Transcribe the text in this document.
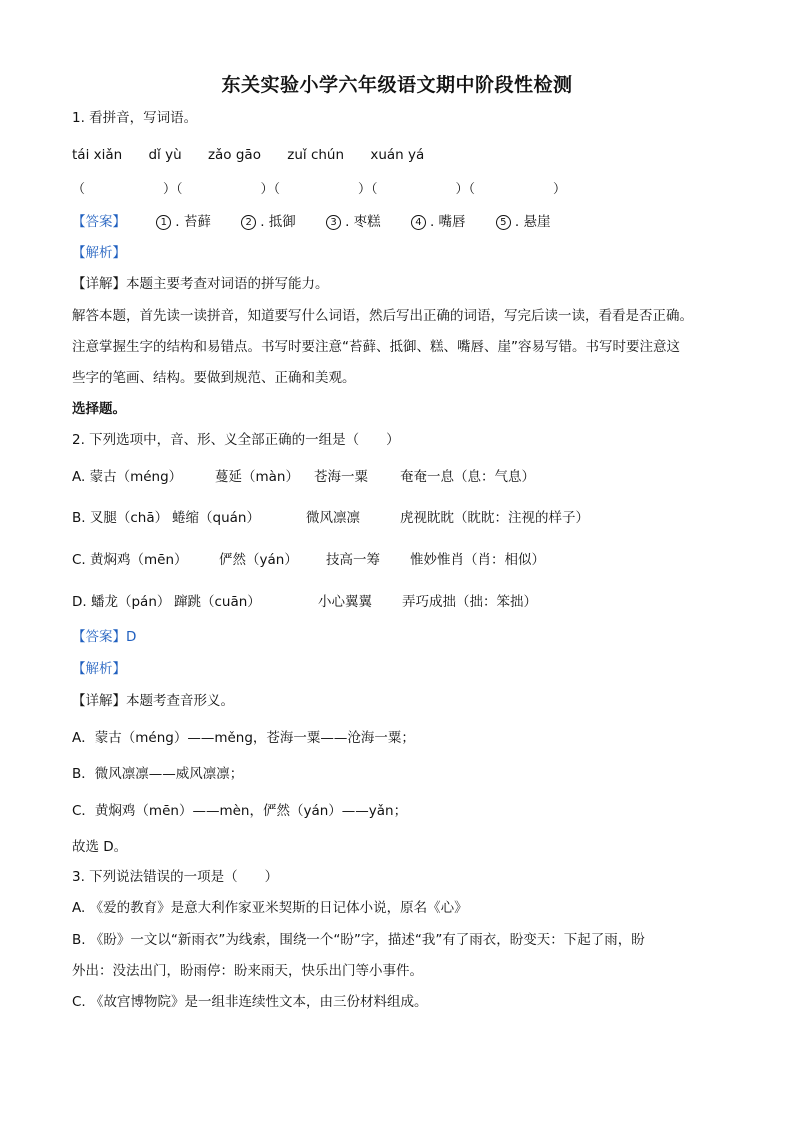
东关实验小学六年级语文期中阶段性检测
1. 看拼音，写词语。
tái xiǎn dǐ yù zǎo gāo zuǐ chún xuán yá
（　　　　　　）（　　　　　　）（　　　　　　）（　　　　　　）（　　　　　　）
【答案】	1 . 苔藓	2 . 抵御	3 . 枣糕	4 . 嘴唇	5 . 悬崖
【解析】
【详解】本题主要考查对词语的拼写能力。
解答本题，首先读一读拼音，知道要写什么词语，然后写出正确的词语，写完后读一读，看看是否正确。
注意掌握生字的结构和易错点。书写时要注意“苔藓、抵御、糕、嘴唇、崖”容易写错。书写时要注意这
些字的笔画、结构。要做到规范、正确和美观。
选择题。
2. 下列选项中，音、形、义全部正确的一组是（　　）
A. 蒙古（méng） 蔓延（màn） 苍海一粟 奄奄一息（息：气息）
B. 叉腿（chā） 蜷缩（quán）	微风凛凛	虎视眈眈（眈眈：注视的样子）
C. 黄焖鸡（mēn） 俨然（yán） 技高一筹 惟妙惟肖（肖：相似）
D. 蟠龙（pán） 蹿跳（cuān）	小心翼翼 弄巧成拙（拙：笨拙）
【答案】D
【解析】
【详解】本题考查音形义。
A．蒙古（méng）——měng，苍海一粟——沧海一粟；
B．微风凛凛——威风凛凛；
C．黄焖鸡（mēn）——mèn，俨然（yán）——yǎn；
故选 D。
3. 下列说法错误的一项是（　　）
A. 《爱的教育》是意大利作家亚米契斯的日记体小说，原名《心》
B. 《盼》一文以“新雨衣”为线索，围绕一个“盼”字，描述“我”有了雨衣，盼变天：下起了雨，盼
外出：没法出门，盼雨停：盼来雨天，快乐出门等小事件。
C. 《故宫博物院》是一组非连续性文本，由三份材料组成。
